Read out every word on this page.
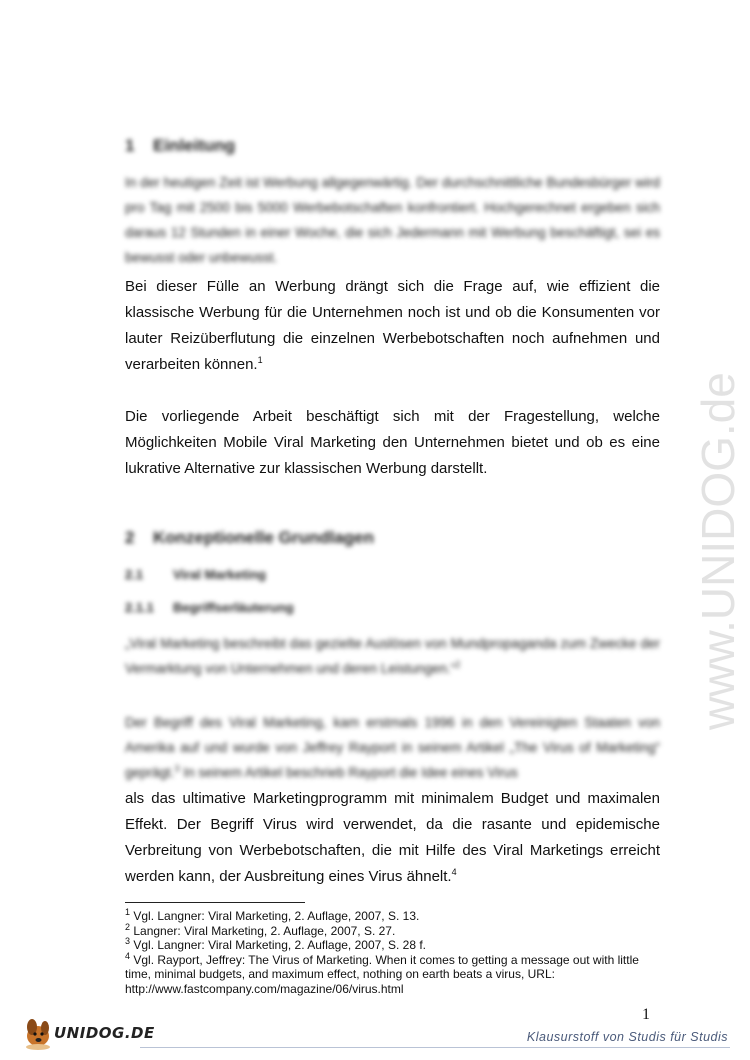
1 Einleitung
In der heutigen Zeit ist Werbung allgegenwärtig. Der durchschnittliche Bundesbürger wird pro Tag mit 2500 bis 5000 Werbebotschaften konfrontiert. Hochgerechnet ergeben sich daraus 12 Stunden in einer Woche, die sich Jedermann mit Werbung beschäftigt, sei es bewusst oder unbewusst.
Bei dieser Fülle an Werbung drängt sich die Frage auf, wie effizient die klassische Werbung für die Unternehmen noch ist und ob die Konsumenten vor lauter Reizüberflutung die einzelnen Werbebotschaften noch aufnehmen und verarbeiten können.$^1$
Die vorliegende Arbeit beschäftigt sich mit der Fragestellung, welche Möglichkeiten Mobile Viral Marketing den Unternehmen bietet und ob es eine lukrative Alternative zur klassischen Werbung darstellt.
2 Konzeptionelle Grundlagen
2.1 Viral Marketing
2.1.1 Begriffserläuterung
„Viral Marketing beschreibt das gezielte Auslösen von Mundpropaganda zum Zwecke der Vermarktung von Unternehmen und deren Leistungen.“$^2$
Der Begriff des Viral Marketing, kam erstmals 1996 in den Vereinigten Staaten von Amerika auf und wurde von Jeffrey Rayport in seinem Artikel „The Virus of Marketing“ geprägt.$^3$ In seinem Artikel beschrieb Rayport die Idee eines Virus
als das ultimative Marketingprogramm mit minimalem Budget und maximalen Effekt. Der Begriff Virus wird verwendet, da die rasante und epidemische Verbreitung von Werbebotschaften, die mit Hilfe des Viral Marketings erreicht werden kann, der Ausbreitung eines Virus ähnelt.$^4$
$^1$ Vgl. Langner: Viral Marketing, 2. Auflage, 2007, S. 13.
$^2$ Langner: Viral Marketing, 2. Auflage, 2007, S. 27.
$^3$ Vgl. Langner: Viral Marketing, 2. Auflage, 2007, S. 28 f.
$^4$ Vgl. Rayport, Jeffrey: The Virus of Marketing. When it comes to getting a message out with little time, minimal budgets, and maximum effect, nothing on earth beats a virus, URL: http://www.fastcompany.com/magazine/06/virus.html
1
www.UNIDOG.de
UNIDOG.DE	Klausurstoff von Studis für Studis
